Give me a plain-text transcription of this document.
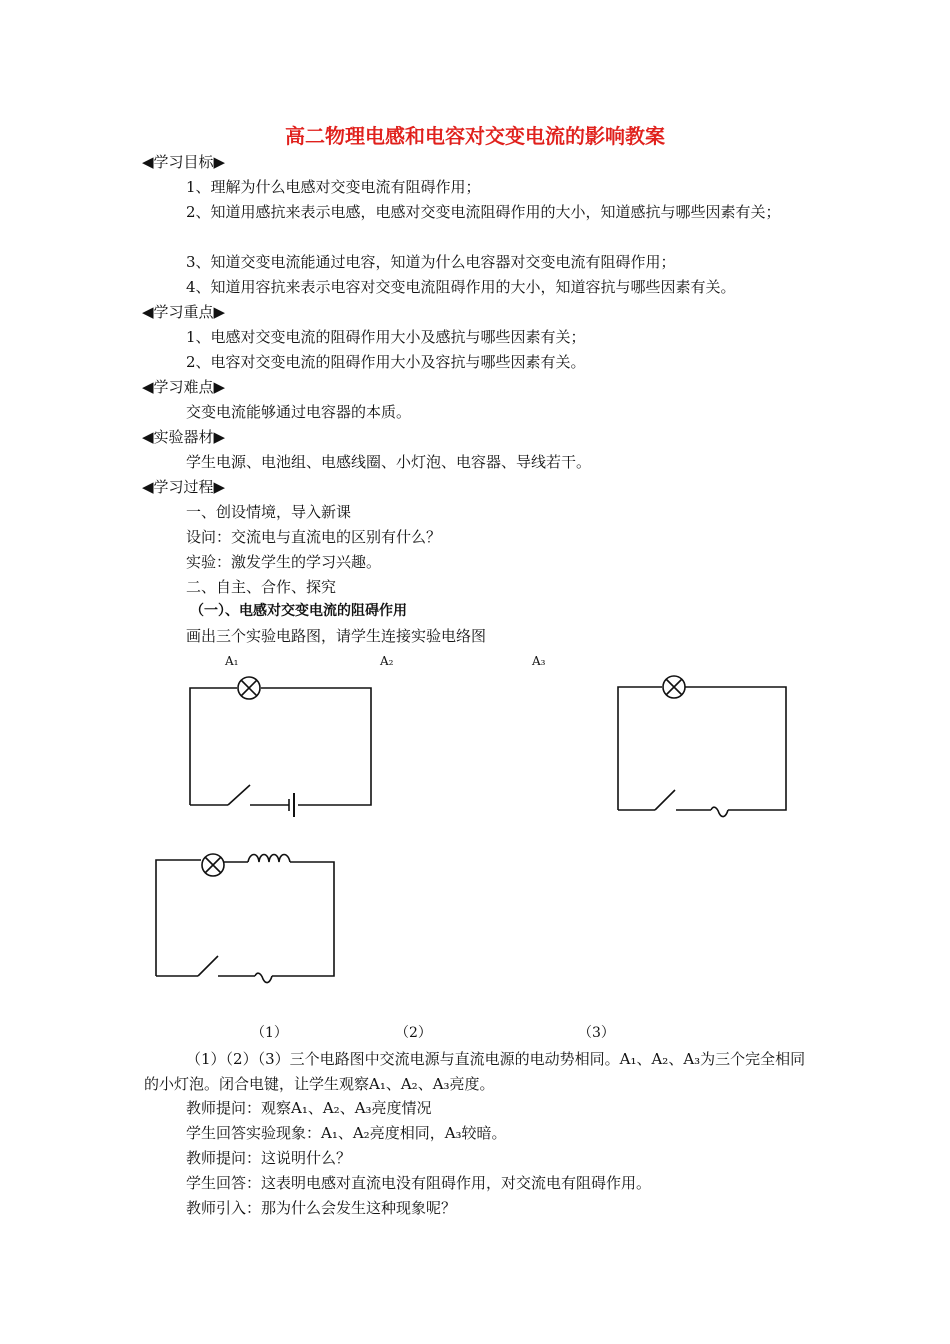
高二物理电感和电容对交变电流的影响教案
◀学习目标▶
1、理解为什么电感对交变电流有阻碍作用；
2、知道用感抗来表示电感，电感对交变电流阻碍作用的大小，知道感抗与哪些因素有关；
3、知道交变电流能通过电容，知道为什么电容器对交变电流有阻碍作用；
4、知道用容抗来表示电容对交变电流阻碍作用的大小，知道容抗与哪些因素有关。
◀学习重点▶
1、电感对交变电流的阻碍作用大小及感抗与哪些因素有关；
2、电容对交变电流的阻碍作用大小及容抗与哪些因素有关。
◀学习难点▶
交变电流能够通过电容器的本质。
◀实验器材▶
学生电源、电池组、电感线圈、小灯泡、电容器、导线若干。
◀学习过程▶
一、创设情境，导入新课
设问：交流电与直流电的区别有什么？
实验：激发学生的学习兴趣。
二、自主、合作、探究
（一）、电感对交变电流的阻碍作用
画出三个实验电路图，请学生连接实验电络图
A₁	A₂	A₃
（1）	（2）	（3）
（1）（2）（3）三个电路图中交流电源与直流电源的电动势相同。A₁、A₂、A₃为三个完全相同的小灯泡。闭合电键，让学生观察A₁、A₂、A₃亮度。
教师提问：观察A₁、A₂、A₃亮度情况
学生回答实验现象：A₁、A₂亮度相同，A₃较暗。
教师提问：这说明什么？
学生回答：这表明电感对直流电没有阻碍作用，对交流电有阻碍作用。
教师引入：那为什么会发生这种现象呢？
